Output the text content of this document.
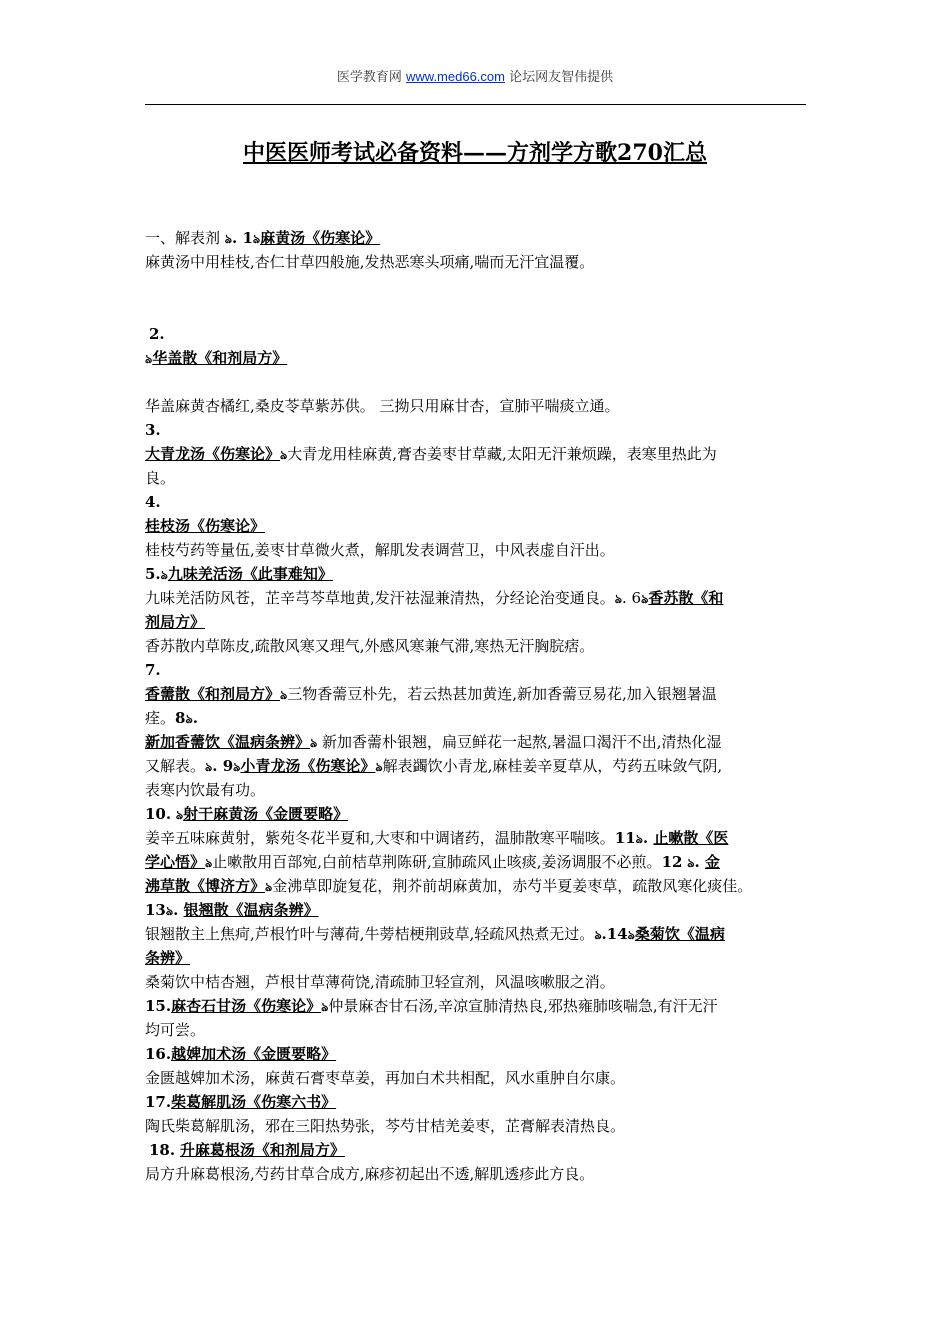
医学教育网 www.med66.com 论坛网友智伟提供
中医医师考试必备资料——方剂学方歌270汇总
一、解表剂 ঌ. 1ঌ麻黄汤《伤寒论》
麻黄汤中用桂枝,杏仁甘草四般施,发热恶寒头项痛,喘而无汗宜温覆。
2.
ঌ华盖散《和剂局方》
华盖麻黄杏橘红,桑皮苓草紫苏供。 三拗只用麻甘杏，宣肺平喘痰立通。
3.
大青龙汤《伤寒论》ঌ大青龙用桂麻黄,膏杏姜枣甘草藏,太阳无汗兼烦躁，表寒里热此为
良。
4.
桂枝汤《伤寒论》
桂枝芍药等量伍,姜枣甘草微火煮，解肌发表调营卫，中风表虚自汗出。
5.ঌ九味羌活汤《此事难知》
九味羌活防风苍，芷辛芎芩草地黄,发汗祛湿兼清热，分经论治变通良。ঌ. 6ঌ香苏散《和
剂局方》
香苏散内草陈皮,疏散风寒又理气,外感风寒兼气滞,寒热无汗胸脘痞。
7.
香薷散《和剂局方》ঌ三物香薷豆朴先，若云热甚加黄连,新加香薷豆易花,加入银翘暑温
痊。8ঌ.
新加香薷饮《温病条辨》ঌ 新加香薷朴银翘，扁豆鲜花一起熬,暑温口渴汗不出,清热化湿
又解表。ঌ. 9ঌ小青龙汤《伤寒论》ঌ解表蠲饮小青龙,麻桂姜辛夏草从，芍药五味敛气阴,
表寒内饮最有功。
10. ঌ射干麻黄汤《金匮要略》
姜辛五味麻黄射，紫苑冬花半夏和,大枣和中调诸药，温肺散寒平喘咳。11ঌ. 止嗽散《医
学心悟》ঌ止嗽散用百部宛,白前桔草荆陈研,宣肺疏风止咳痰,姜汤调服不必煎。12 ঌ. 金
沸草散《博济方》ঌ金沸草即旋复花，荆芥前胡麻黄加，赤芍半夏姜枣草，疏散风寒化痰佳。
13ঌ. 银翘散《温病条辨》
银翘散主上焦疴,芦根竹叶与薄荷,牛蒡桔梗荆豉草,轻疏风热煮无过。ঌ.14ঌ桑菊饮《温病
条辨》
桑菊饮中桔杏翘，芦根甘草薄荷饶,清疏肺卫轻宣剂，风温咳嗽服之消。
15.麻杏石甘汤《伤寒论》ঌ仲景麻杏甘石汤,辛凉宣肺清热良,邪热雍肺咳喘急,有汗无汗
均可尝。
16.越婢加术汤《金匮要略》
金匮越婢加术汤，麻黄石膏枣草姜，再加白术共相配，风水重肿自尔康。
17.柴葛解肌汤《伤寒六书》
陶氏柴葛解肌汤，邪在三阳热势张，芩芍甘桔羌姜枣，芷膏解表清热良。
18. 升麻葛根汤《和剂局方》
局方升麻葛根汤,芍药甘草合成方,麻疹初起出不透,解肌透疹此方良。
